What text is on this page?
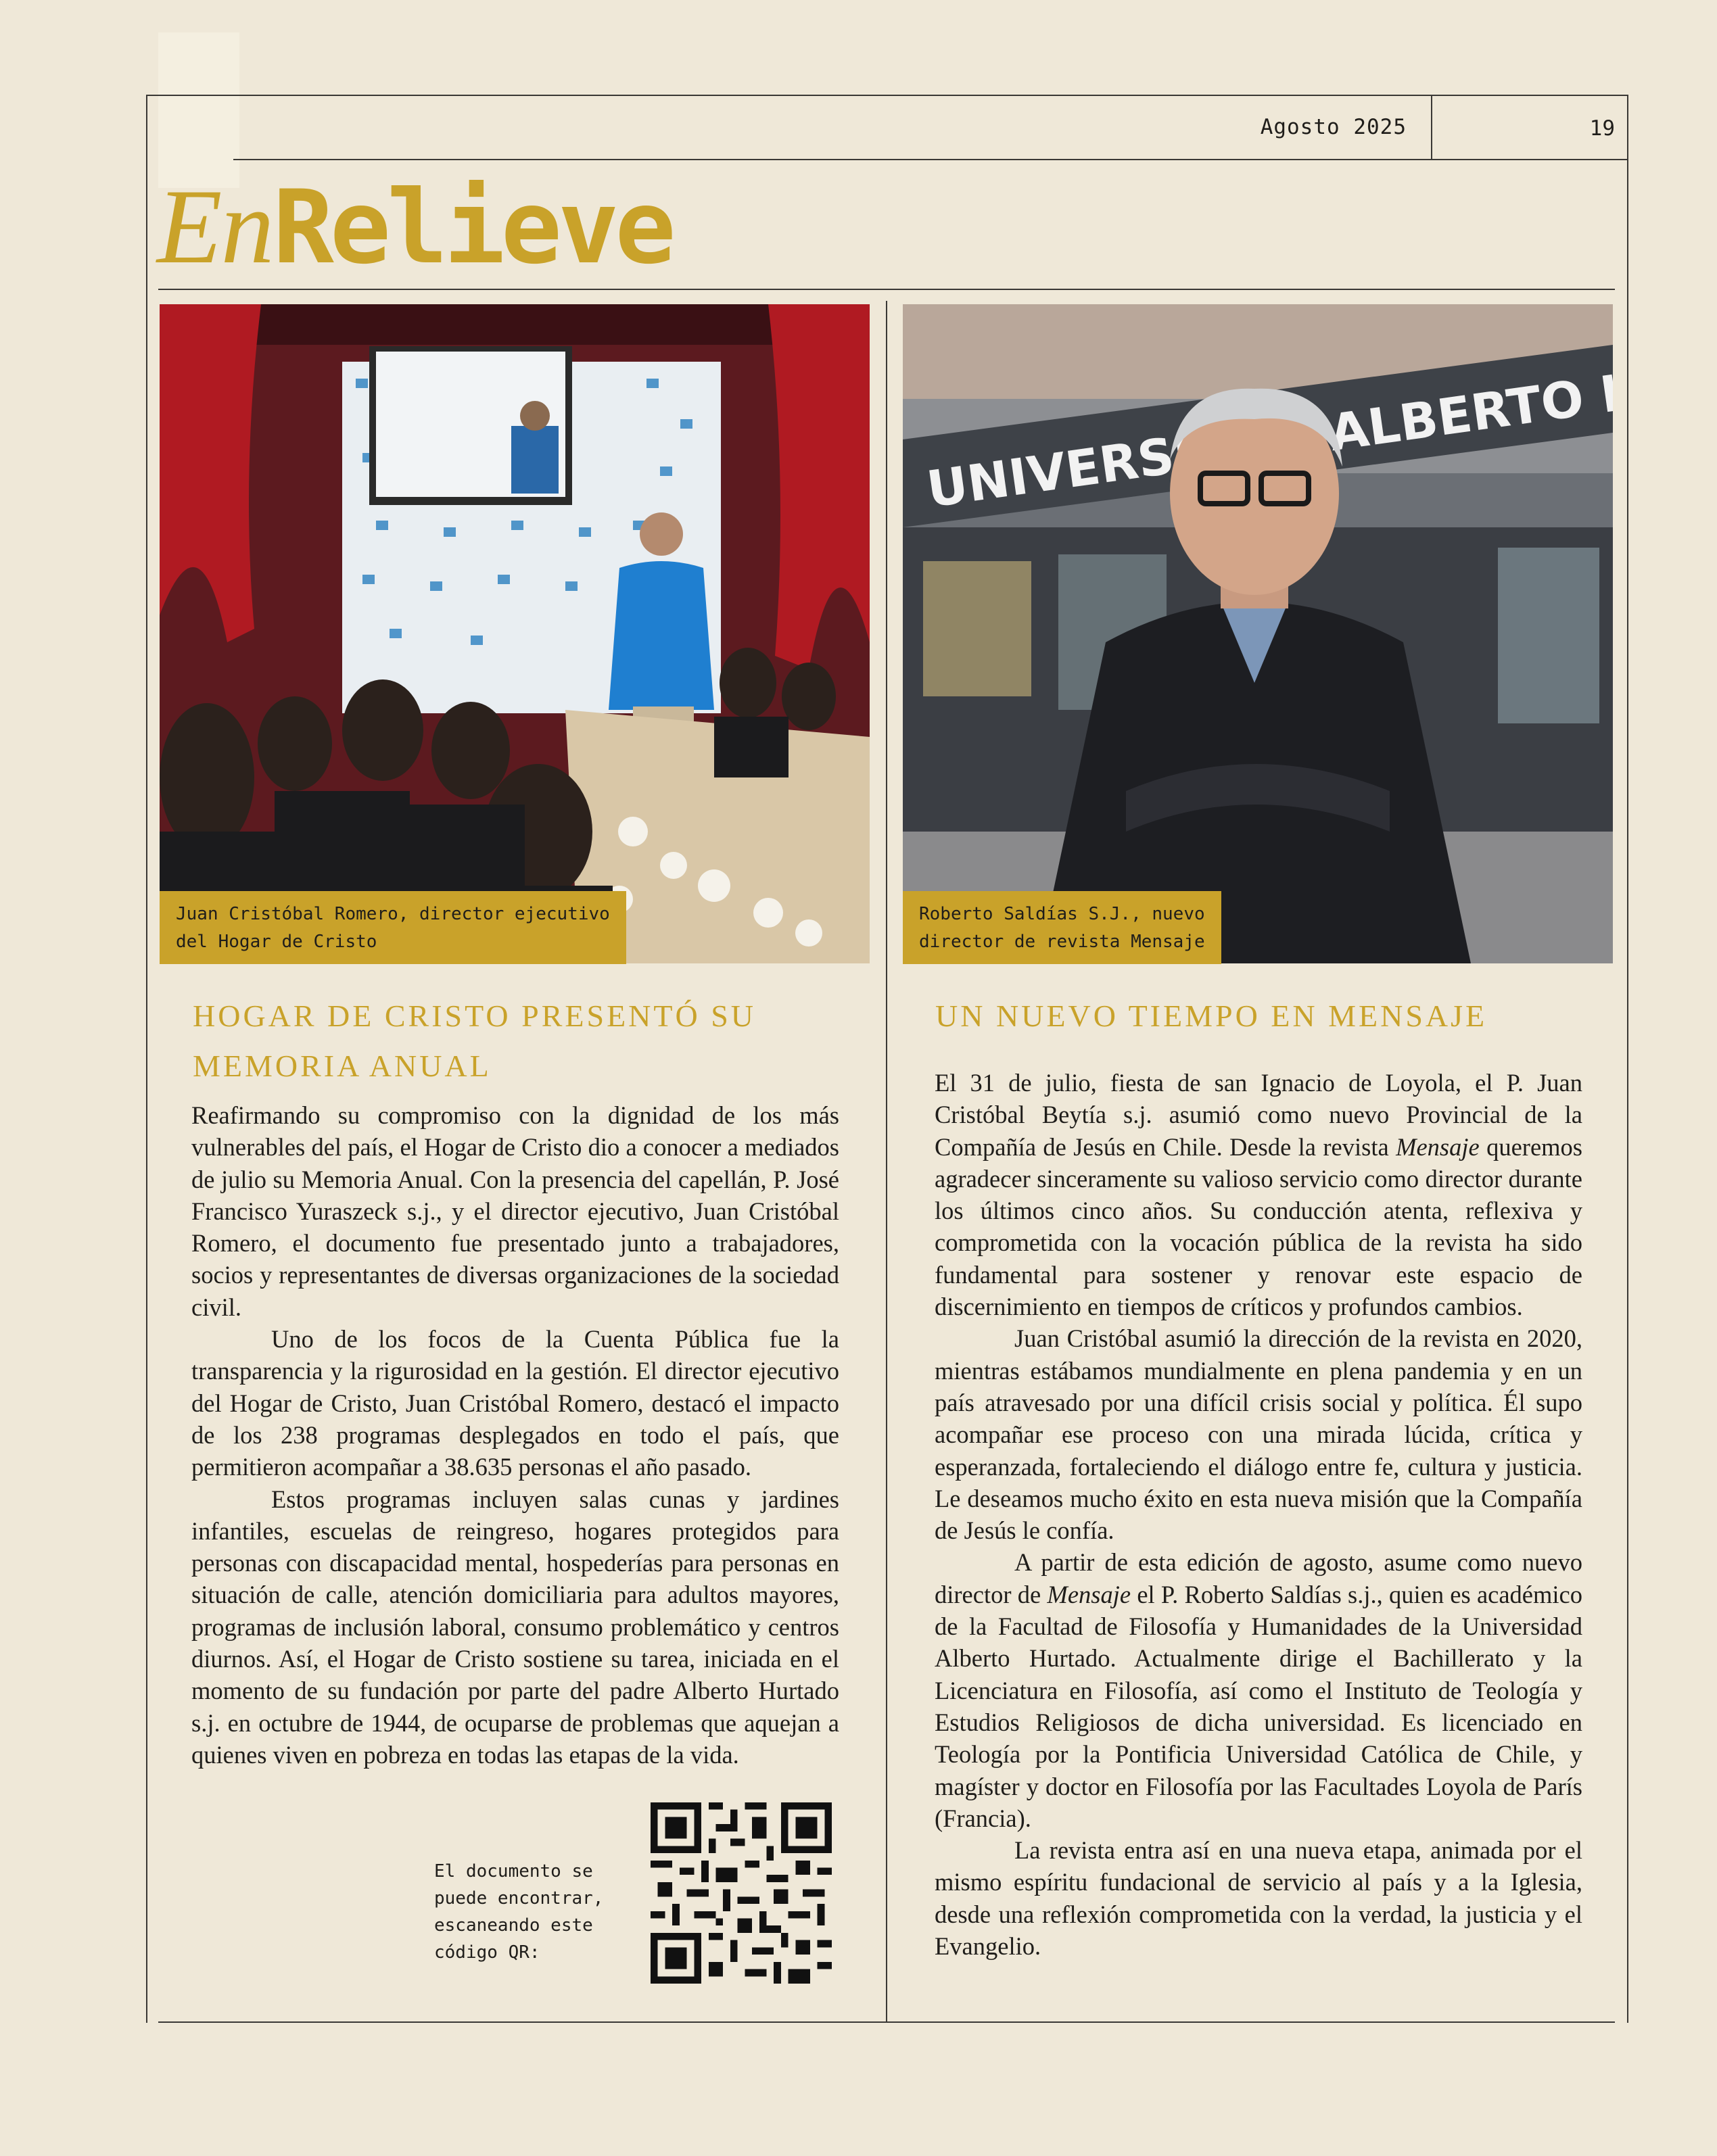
Agosto 2025	19
EnRelieve
Juan Cristóbal Romero, director ejecutivo
del Hogar de Cristo
UNIVERSIDAD ALBERTO HURTADO
Roberto Saldías S.J., nuevo
director de revista Mensaje
HOGAR DE CRISTO PRESENTÓ SU
MEMORIA ANUAL

Reafirmando su compromiso con la dignidad de los más vulnerables del país, el Hogar de Cristo dio a conocer a mediados de julio su Memoria Anual. Con la presencia del capellán, P. José Francisco Yuraszeck s.j., y el director ejecutivo, Juan Cristóbal Romero, el documento fue presentado junto a trabajadores, socios y representantes de diversas organizaciones de la sociedad civil.

Uno de los focos de la Cuenta Pública fue la transparencia y la rigurosidad en la gestión. El director ejecutivo del Hogar de Cristo, Juan Cristóbal Romero, destacó el impacto de los 238 programas desplegados en todo el país, que permitieron acompañar a 38.635 personas el año pasado.

Estos programas incluyen salas cunas y jardines infantiles, escuelas de reingreso, hogares protegidos para personas con discapacidad mental, hospederías para personas en situación de calle, atención domiciliaria para adultos mayores, programas de inclusión laboral, consumo problemático y centros diurnos. Así, el Hogar de Cristo sostiene su tarea, iniciada en el momento de su fundación por parte del padre Alberto Hurtado s.j. en octubre de 1944, de ocuparse de problemas que aquejan a quienes viven en pobreza en todas las etapas de la vida.

El documento se
puede encontrar,
escaneando este
código QR:
UN NUEVO TIEMPO EN MENSAJE

El 31 de julio, fiesta de san Ignacio de Loyola, el P. Juan Cristóbal Beytía s.j. asumió como nuevo Provincial de la Compañía de Jesús en Chile. Desde la revista Mensaje queremos agradecer sinceramente su valioso servicio como director durante los últimos cinco años. Su conducción atenta, reflexiva y comprometida con la vocación pública de la revista ha sido fundamental para sostener y renovar este espacio de discernimiento en tiempos de críticos y profundos cambios.

Juan Cristóbal asumió la dirección de la revista en 2020, mientras estábamos mundialmente en plena pandemia y en un país atravesado por una difícil crisis social y política. Él supo acompañar ese proceso con una mirada lúcida, crítica y esperanzada, fortaleciendo el diálogo entre fe, cultura y justicia. Le deseamos mucho éxito en esta nueva misión que la Compañía de Jesús le confía.

A partir de esta edición de agosto, asume como nuevo director de Mensaje el P. Roberto Saldías s.j., quien es académico de la Facultad de Filosofía y Humanidades de la Universidad Alberto Hurtado. Actualmente dirige el Bachillerato y la Licenciatura en Filosofía, así como el Instituto de Teología y Estudios Religiosos de dicha universidad. Es licenciado en Teología por la Pontificia Universidad Católica de Chile, y magíster y doctor en Filosofía por las Facultades Loyola de París (Francia).

La revista entra así en una nueva etapa, animada por el mismo espíritu fundacional de servicio al país y a la Iglesia, desde una reflexión comprometida con la verdad, la justicia y el Evangelio.
